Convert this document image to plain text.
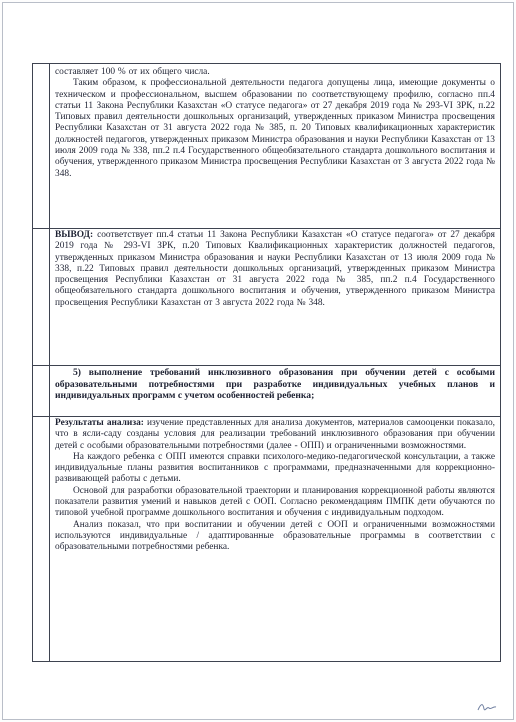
составляет 100 % от их общего числа.

Таким образом, к профессиональной деятельности педагога допущены лица, имеющие документы о техническом и профессиональном, высшем образовании по соответствующему профилю, согласно пп.4 статьи 11 Закона Республики Казахстан «О статусе педагога» от 27 декабря 2019 года № 293-VI ЗРК, п.22 Типовых правил деятельности дошкольных организаций, утвержденных приказом Министра просвещения Республики Казахстан от 31 августа 2022 года № 385, п. 20 Типовых квалификационных характеристик должностей педагогов, утвержденных приказом Министра образования и науки Республики Казахстан от 13 июля 2009 года № 338, пп.2 п.4 Государственного общеобязательного стандарта дошкольного воспитания и обучения, утвержденного приказом Министра просвещения Республики Казахстан от 3 августа 2022 года № 348.

ВЫВОД: соответствует пп.4 статьи 11 Закона Республики Казахстан «О статусе педагога» от 27 декабря 2019 года № 293-VI ЗРК, п.20 Типовых Квалификационных характеристик должностей педагогов, утвержденных приказом Министра образования и науки Республики Казахстан от 13 июля 2009 года № 338, п.22 Типовых правил деятельности дошкольных организаций, утвержденных приказом Министра просвещения Республики Казахстан от 31 августа 2022 года № 385, пп.2 п.4 Государственного общеобязательного стандарта дошкольного воспитания и обучения, утвержденного приказом Министра просвещения Республики Казахстан от 3 августа 2022 года № 348.

5) выполнение требований инклюзивного образования при обучении детей с особыми образовательными потребностями при разработке индивидуальных учебных планов и индивидуальных программ с учетом особенностей ребенка;

Результаты анализа: изучение представленных для анализа документов, материалов самооценки показало, что в ясли-саду созданы условия для реализации требований инклюзивного образования при обучении детей с особыми образовательными потребностями (далее - ОПП) и ограниченными возможностями.

На каждого ребенка с ОПП имеются справки психолого-медико-педагогической консультации, а также индивидуальные планы развития воспитанников с программами, предназначенными для коррекционно-развивающей работы с детьми.

Основой для разработки образовательной траектории и планирования коррекционной работы являются показатели развития умений и навыков детей с ООП. Согласно рекомендациям ПМПК дети обучаются по типовой учебной программе дошкольного воспитания и обучения с индивидуальным подходом.

Анализ показал, что при воспитании и обучении детей с ООП и ограниченными возможностями используются индивидуальные / адаптированные образовательные программы в соответствии с образовательными потребностями ребенка.
